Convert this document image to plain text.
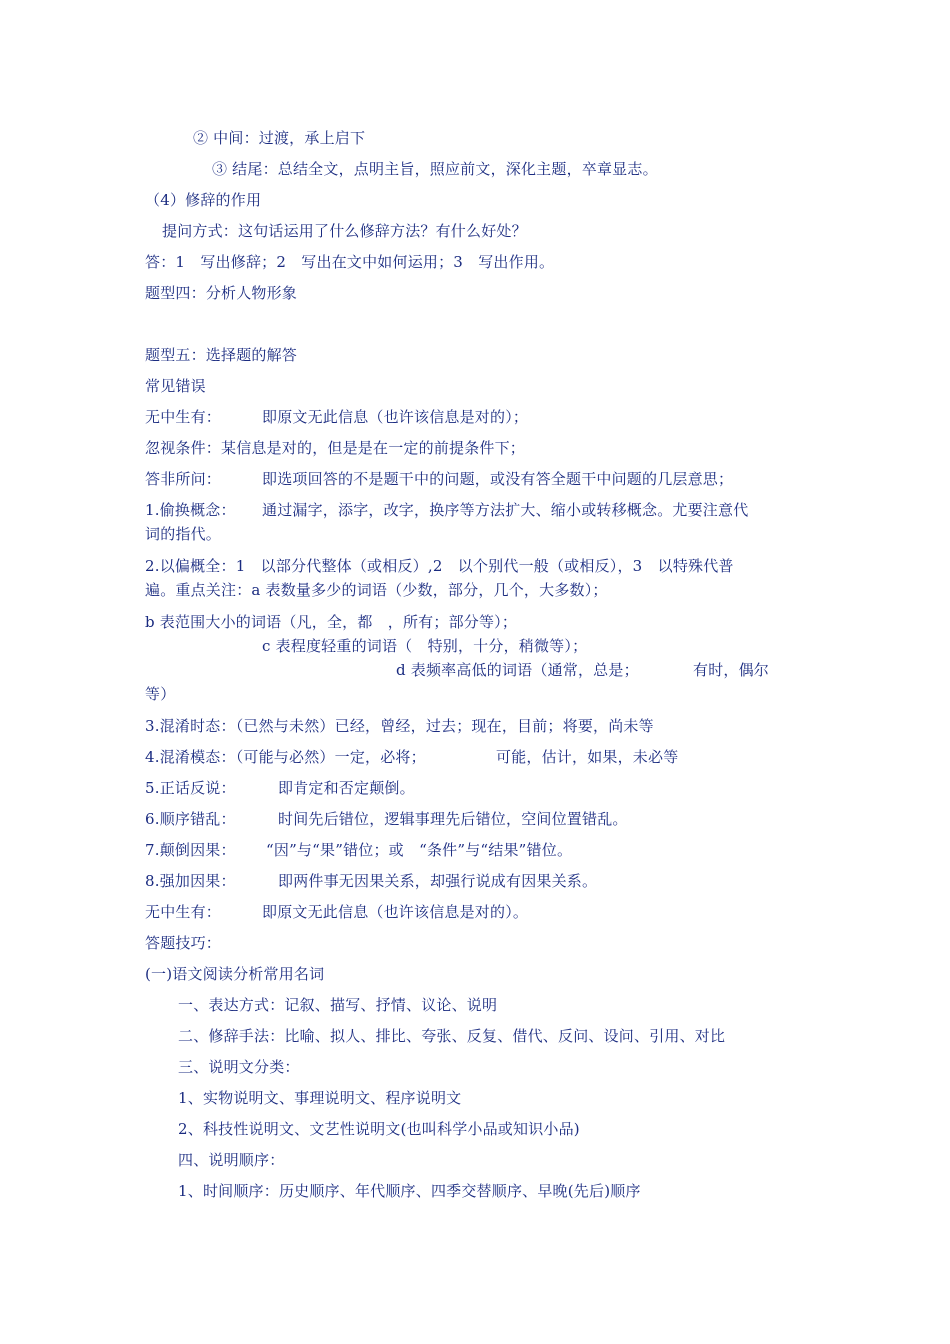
② 中间：过渡，承上启下
③ 结尾：总结全文，点明主旨，照应前文，深化主题，卒章显志。
（4）修辞的作用
提问方式：这句话运用了什么修辞方法？有什么好处？
答：1　写出修辞；2　写出在文中如何运用；3　写出作用。
题型四：分析人物形象
题型五：选择题的解答
常见错误
无中生有：	即原文无此信息（也许该信息是对的）；
忽视条件：某信息是对的，但是是在一定的前提条件下；
答非所问：	即选项回答的不是题干中的问题，或没有答全题干中问题的几层意思；
1.偷换概念： 通过漏字，添字，改字，换序等方法扩大、缩小或转移概念。尤要注意代
词的指代。
2.以偏概全：1　以部分代整体（或相反）,2　以个别代一般（或相反），3　以特殊代普
遍。重点关注：a 表数量多少的词语（少数，部分，几个，大多数）；
b 表范围大小的词语（凡，全，都　，所有；部分等）；
c 表程度轻重的词语（　特别，十分，稍微等）；
d 表频率高低的词语（通常，总是；	有时，偶尔
等）
3.混淆时态：（已然与未然）已经，曾经，过去；现在，目前；将要，尚未等
4.混淆模态：（可能与必然）一定，必将；	可能，估计，如果，未必等
5.正话反说：	即肯定和否定颠倒。
6.顺序错乱：	时间先后错位，逻辑事理先后错位，空间位置错乱。
7.颠倒因果： “因”与“果”错位；或　“条件”与“结果”错位。
8.强加因果：	即两件事无因果关系，却强行说成有因果关系。
无中生有：	即原文无此信息（也许该信息是对的）。
答题技巧：
(一)语文阅读分析常用名词
一、表达方式：记叙、描写、抒情、议论、说明
二、修辞手法：比喻、拟人、排比、夸张、反复、借代、反问、设问、引用、对比
三、说明文分类：
1、实物说明文、事理说明文、程序说明文
2、科技性说明文、文艺性说明文(也叫科学小品或知识小品)
四、说明顺序：
1、时间顺序：历史顺序、年代顺序、四季交替顺序、早晚(先后)顺序
